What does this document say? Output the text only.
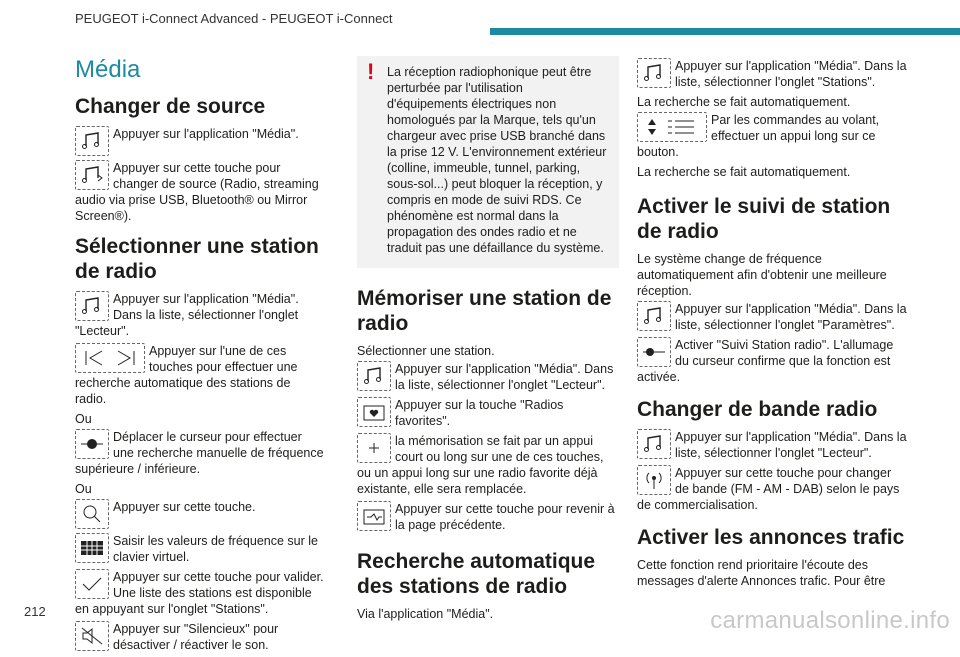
PEUGEOT i-Connect Advanced - PEUGEOT i-Connect
Média
Changer de source
Appuyer sur l'application "Média".
Appuyer sur cette touche pour changer de source (Radio, streaming audio via prise USB, Bluetooth® ou Mirror Screen®).
Sélectionner une station de radio
Appuyer sur l'application "Média". Dans la liste, sélectionner l'onglet "Lecteur".
Appuyer sur l'une de ces touches pour effectuer une recherche automatique des stations de radio.
Ou
Déplacer le curseur pour effectuer une recherche manuelle de fréquence supérieure / inférieure.
Ou
Appuyer sur cette touche.
Saisir les valeurs de fréquence sur le clavier virtuel.
Appuyer sur cette touche pour valider. Une liste des stations est disponible en appuyant sur l'onglet "Stations".
Appuyer sur "Silencieux" pour désactiver / réactiver le son.
! La réception radiophonique peut être perturbée par l'utilisation d'équipements électriques non homologués par la Marque, tels qu'un chargeur avec prise USB branché dans la prise 12 V. L'environnement extérieur (colline, immeuble, tunnel, parking, sous-sol...) peut bloquer la réception, y compris en mode de suivi RDS. Ce phénomène est normal dans la propagation des ondes radio et ne traduit pas une défaillance du système.
Mémoriser une station de radio
Sélectionner une station.
Appuyer sur l'application "Média". Dans la liste, sélectionner l'onglet "Lecteur".
Appuyer sur la touche "Radios favorites".
la mémorisation se fait par un appui court ou long sur une de ces touches, ou un appui long sur une radio favorite déjà existante, elle sera remplacée.
Appuyer sur cette touche pour revenir à la page précédente.
Recherche automatique des stations de radio
Via l'application "Média".
Appuyer sur l'application "Média". Dans la liste, sélectionner l'onglet "Stations".
La recherche se fait automatiquement.
Par les commandes au volant, effectuer un appui long sur ce bouton.
La recherche se fait automatiquement.
Activer le suivi de station de radio
Le système change de fréquence automatiquement afin d'obtenir une meilleure réception.
Appuyer sur l'application "Média". Dans la liste, sélectionner l'onglet "Paramètres".
Activer "Suivi Station radio". L'allumage du curseur confirme que la fonction est activée.
Changer de bande radio
Appuyer sur l'application "Média". Dans la liste, sélectionner l'onglet "Lecteur".
Appuyer sur cette touche pour changer de bande (FM - AM - DAB) selon le pays de commercialisation.
Activer les annonces trafic
Cette fonction rend prioritaire l'écoute des messages d'alerte Annonces trafic. Pour être
212	carmanualsonline.info
